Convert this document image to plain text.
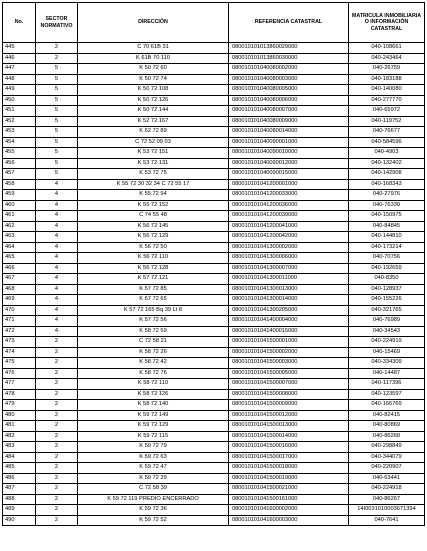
No.	SECTOR NORMATIVO	DIRECCIÓN	REFERENCIA CATASTRAL	MATRICULA INMOBILIARIA O INFORMACIÓN CATASTRAL
445	2	C 70 61B 31	080010101013860029000	040-108661
446	2	K 61B 70 110	080010101013860030000	040-243464
447	5	K 50 72 60	080010101040080002000	040-26759
448	5	K 50 72 74	080010101040080003000	040-183188
449	5	K 50 72 108	080010101040080005000	040-140080
450	5	K 50 72 126	080010101040080006000	040-277770
451	5	K 50 72 144	080010101040080007000	040-65972
452	5	K 52 72 167	080010101040080009000	040-119752
453	5	K 52 72 89	080010101040080014000	040-76677
454	5	C 72 52 09 03	080010101040090001000	040-584596
455	5	K 53 72 151	080010101040090010000	040-4903
456	5	K 53 72 131	080010101040090012000	040-132402
457	5	K 53 72 75	080010101040090015000	040-142908
458	4	K 55 72 30 32 34 C 72 55 17	080010101041200001000	040-168343
459	4	K 55 72 94	080010101041200033000	040-27976
460	4	K 55 72 152	080010101041200036000	040-76330
461	4	C 74 55 48	080010101041200039000	040-150975
462	4	K 56 72 145	080010101041200041000	040-84845
463	4	K 56 72 129	080010101041200042000	040-144810
464	4	K 56 72 50	080010101041300002000	040-173214
465	4	K 56 72 110	080010101041300006000	040-70756
466	4	K 56 72 128	080010101041300007000	040-192659
467	4	K 57 72 121	080010101041300011000	040-8350
468	4	K 57 72 85	080010101041300013000	040-128937
469	4	K 57 72 65	080010101041300014000	040-155226
470	4	K 57 72 165 Bq 39 Lt 8	080010101041300205000	040-321765
471	4	K 57 72 56	080010101041400004000	040-76989
472	4	K 58 72 59	080010101041400015000	040-34543
473	2	C 72 58 21	080010101041500001000	040-224919
474	2	K 58 72 26	080010101041500002000	040-15469
475	2	K 58 72 42	080010101041500003000	040-334309
476	2	K 58 72 76	080010101041500005000	040-14487
477	2	K 58 72 110	080010101041500007000	040-117396
478	2	K 58 72 126	080010101041500008000	040-123597
479	2	K 58 72 140	080010101041500009000	040-166769
480	2	K 59 72 149	080010101041500012000	040-82415
481	2	K 59 72 129	080010101041500013000	040-80869
482	2	K 59 72 115	080010101041500014000	040-86268
483	2	K 59 72 79	080010101041500016000	040-298849
484	2	K 59 72 63	080010101041500017000	040-344079
485	2	K 59 72 47	080010101041500018000	040-220907
486	2	K 59 72 29	080010101041500019000	040-63441
487	2	C 72 58 39	080010101041500021000	040-224918
488	2	K 59 72 119 PREDIO ENCERRADO	080010101041500161000	040-86267
489	2	K 59 72 36	080010101041600002000	14I0031010003671394
490	2	K 59 72 52	080010101041600003000	040-7641
